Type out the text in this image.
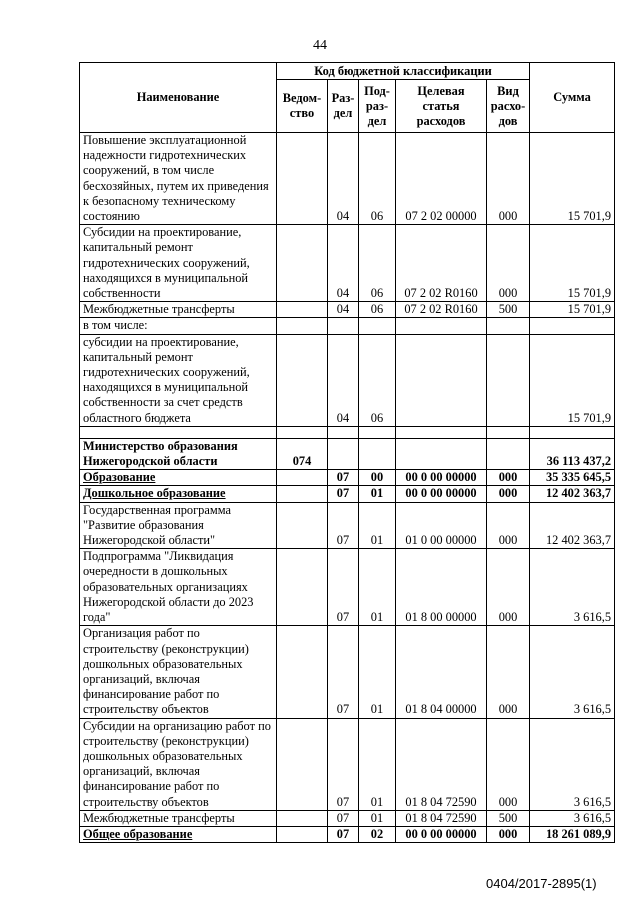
44
Наименование	Код бюджетной классификации					Сумма
	Ведом-ство	Раз-дел	Под-раз-дел	Целевая статья расходов	Вид расхо-дов	
Повышение эксплуатационной надежности гидротехнических сооружений, в том числе бесхозяйных, путем их приведения к безопасному техническому состоянию		04	06	07 2 02 00000	000	15 701,9
Субсидии на проектирование, капитальный ремонт гидротехнических сооружений, находящихся в муниципальной собственности		04	06	07 2 02 R0160	000	15 701,9
Межбюджетные трансферты		04	06	07 2 02 R0160	500	15 701,9
в том числе:						
субсидии на проектирование, капитальный ремонт гидротехнических сооружений, находящихся в муниципальной собственности за счет средств областного бюджета		04	06			15 701,9

Министерство образования Нижегородской области	074					36 113 437,2
Образование		07	00	00 0 00 00000	000	35 335 645,5
Дошкольное образование		07	01	00 0 00 00000	000	12 402 363,7
Государственная программа "Развитие образования Нижегородской области"		07	01	01 0 00 00000	000	12 402 363,7
Подпрограмма "Ликвидация очередности в дошкольных образовательных организациях Нижегородской области до 2023 года"		07	01	01 8 00 00000	000	3 616,5
Организация работ по строительству (реконструкции) дошкольных образовательных организаций, включая финансирование работ по строительству объектов		07	01	01 8 04 00000	000	3 616,5
Субсидии на организацию работ по строительству (реконструкции) дошкольных образовательных организаций, включая финансирование работ по строительству объектов		07	01	01 8 04 72590	000	3 616,5
Межбюджетные трансферты		07	01	01 8 04 72590	500	3 616,5
Общее образование		07	02	00 0 00 00000	000	18 261 089,9
0404/2017-2895(1)
